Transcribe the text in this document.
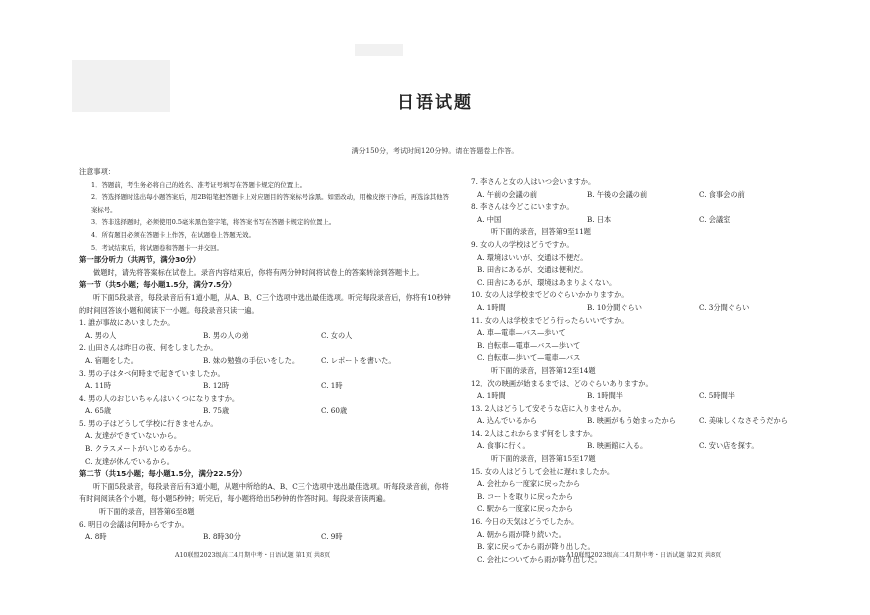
日语试题
满分150分，考试时间120分钟。请在答题卷上作答。
注意事项：
1．答题前，考生务必将自己的姓名、准考证号填写在答题卡规定的位置上。
2．答选择题时选出每小题答案后，用2B铅笔把答题卡上对应题目的答案标号涂黑。如需改动，用橡皮擦干净后，再选涂其他答案标号。
3．答非选择题时，必须使用0.5毫米黑色签字笔，将答案书写在答题卡规定的位置上。
4．所有题目必须在答题卡上作答，在试题卷上答题无效。
5．考试结束后，将试题卷和答题卡一并交回。
第一部分听力（共两节，满分30分）
做题时，请先将答案标在试卷上。录音内容结束后，你将有两分钟时间将试卷上的答案转涂到答题卡上。
第一节（共5小题；每小题1.5分，满分7.5分）
听下面5段录音，每段录音后有1道小题，从A、B、C三个选项中选出最佳选项。听完每段录音后，你将有10秒钟的时间回答该小题和阅读下一小题。每段录音只读一遍。
1. 誰が事故にあいましたか。
A. 男の人	B. 男の人の弟	C. 女の人
2. 山田さんは昨日の夜、何をしましたか。
A. 宿題をした。	B. 妹の勉強の手伝いをした。	C. レポートを書いた。
3. 男の子はタベ何時まで起きていましたか。
A. 11時	B. 12時	C. 1時
4. 男の人のおじいちゃんはいくつになりますか。
A. 65歳	B. 75歳	C. 60歳
5. 男の子はどうして学校に行きませんか。
A. 友達ができていないから。
B. クラスメートがいじめるから。
C. 友達が休んでいるから。
第二节（共15小题；每小题1.5分，满分22.5分）
听下面5段录音，每段录音后有3道小题，从题中所给的A、B、C三个选项中选出最佳选项。听每段录音前，你将有时间阅读各个小题，每小题5秒钟；听完后，每小题将给出5秒钟的作答时间。每段录音读两遍。
听下面的录音，回答第6至8题
6. 明日の会議は何時からですか。
A. 8時	B. 8時30分	C. 9時
7. 李さんと女の人はいつ会いますか。
A. 午前の会議の前	B. 午後の会議の前	C. 食事会の前
8. 李さんは今どこにいますか。
A. 中国	B. 日本	C. 会議室
听下面的录音，回答第9至11题
9. 女の人の学校はどうですか。
A. 環境はいいが、交通は不便だ。
B. 田舎にあるが、交通は便利だ。
C. 田舎にあるが、環境はあまりよくない。
10. 女の人は学校までどのぐらいかかりますか。
A. 1時間	B. 10分間ぐらい	C. 3分間ぐらい
11. 女の人は学校までどう行ったらいいですか。
A. 車—電車—バス—歩いて
B. 自転車—電車—バス—歩いて
C. 自転車—歩いて—電車—バス
听下面的录音，回答第12至14题
12．次の映画が始まるまでは、どのぐらいありますか。
A. 1時間	B. 1時間半	C. 5時間半
13. 2人はどうして安そうな店に入りませんか。
A. 込んでいるから	B. 映画がもう始まったから	C. 美味しくなさそうだから
14. 2人はこれからまず何をしますか。
A. 食事に行く。	B. 映画館に入る。	C. 安い店を探す。
听下面的录音，回答第15至17题
15. 女の人はどうして会社に遅れましたか。
A. 会社から一度家に戻ったから
B. コートを取りに戻ったから
C. 駅から一度家に戻ったから
16. 今日の天気はどうでしたか。
A. 朝から雨が降り続いた。
B. 家に戻ってから雨が降り出した。
C. 会社についてから雨が降り出した。
A10联盟2023级高二4月期中考・日语试题 第1页 共8页	A10联盟2023级高二4月期中考・日语试题 第2页 共8页
